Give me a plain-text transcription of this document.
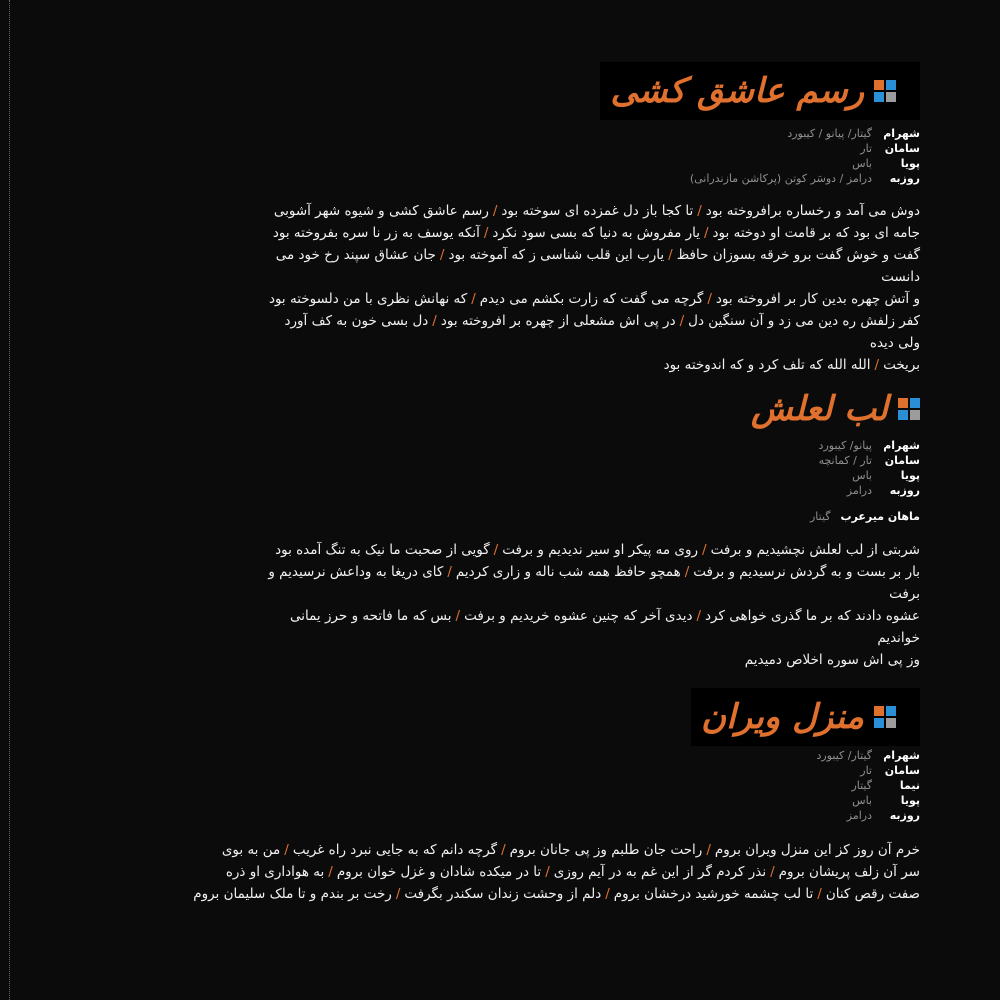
رسم عاشق کشی
شهرام
گیتار/ پیانو / کیبورد
سامان
تار
پویا
باس
روزبه
درامز / دوسَر کوتن (پرکاشن مازندرانی)
دوش می آمد و رخساره برافروخته بود/تا کجا باز دل غمزده ای سوخته بود/رسم عاشق کشی و شیوه شهر آشوبی
جامه ای بود که بر قامت او دوخته بود/یار مفروش به دنیا که بسی سود نکرد/آنکه یوسف به زر نا سره بفروخته بود
گفت و خوش گفت برو خرقه بسوزان حافظ/یارب این قلب شناسی ز که آموخته بود/جان عشاق سپند رخ خود می دانست
و آتش چهره بدین کار بر افروخته بود/گرچه می گفت که زارت بکشم می دیدم/که نهانش نظری با من دلسوخته بود
کفر زلفش ره دین می زد و آن سنگین دل/در پی اش مشعلی از چهره بر افروخته بود/دل بسی خون به کف آورد ولی دیده
بریخت/الله الله که تلف کرد و که اندوخته بود
لب لعلش
شهرام
پیانو/ کیبورد
سامان
تار / کمانچه
پویا
باس
روزبه
درامز
ماهان میرعرب
گیتار
شربتی از لب لعلش نچشیدیم و برفت/روی مه پیکر او سیر ندیدیم و برفت/گویی از صحبت ما نیک به تنگ آمده بود
بار بر بست و به گردش نرسیدیم و برفت/همچو حافظ همه شب ناله و زاری کردیم/کای دریغا به وداعش نرسیدیم و برفت
عشوه دادند که بر ما گذری خواهی کرد/دیدی آخر که چنین عشوه خریدیم و برفت/بس که ما فاتحه و حرز یمانی خواندیم
وز پی اش سوره اخلاص دمیدیم
منزل ویران
شهرام
گیتار/ کیبورد
سامان
تار
نیما
گیتار
پویا
باس
روزبه
درامز
خرم آن روز کز این منزل ویران بروم/راحت جان طلبم وز پی جانان بروم/گرچه دانم که به جایی نبرد راه غریب/من به بوی
سر آن زلف پریشان بروم/نذر کردم گر از این غم به در آیم روزی/تا در میکده شادان و غزل خوان بروم/به هواداری او ذره
صفت رقص کنان/تا لب چشمه خورشید درخشان بروم/دلم از وحشت زندان سکندر بگرفت/رخت بر بندم و تا ملک سلیمان بروم
